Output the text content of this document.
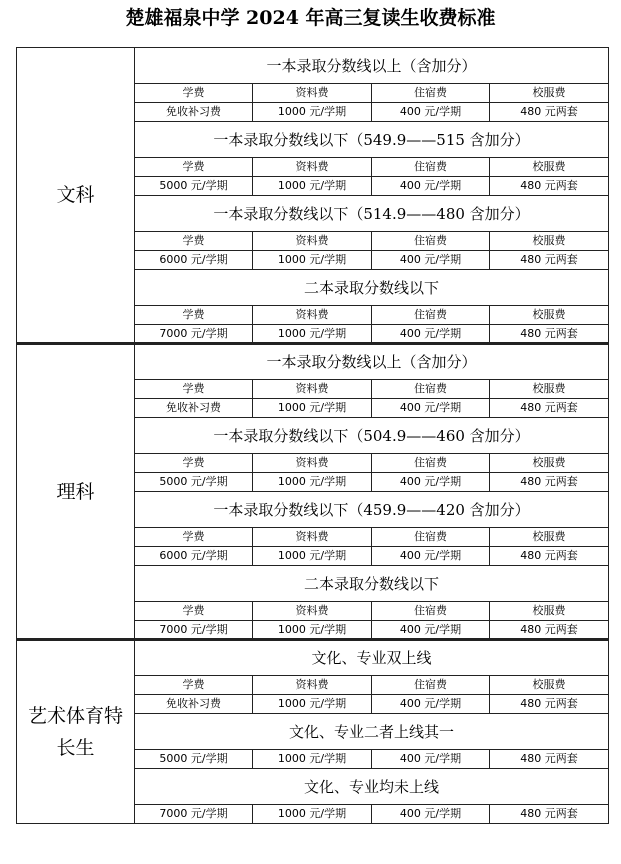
楚雄福泉中学 2024 年高三复读生收费标准
文科	一本录取分数线以上（含加分）			
	学费	资料费	住宿费	校服费
	免收补习费	1000 元/学期	400 元/学期	480 元两套
	一本录取分数线以下（549.9——515 含加分）			
	学费	资料费	住宿费	校服费
	5000 元/学期	1000 元/学期	400 元/学期	480 元两套
	一本录取分数线以下（514.9——480 含加分）			
	学费	资料费	住宿费	校服费
	6000 元/学期	1000 元/学期	400 元/学期	480 元两套
	二本录取分数线以下			
	学费	资料费	住宿费	校服费
	7000 元/学期	1000 元/学期	400 元/学期	480 元两套
理科	一本录取分数线以上（含加分）			
	学费	资料费	住宿费	校服费
	免收补习费	1000 元/学期	400 元/学期	480 元两套
	一本录取分数线以下（504.9——460 含加分）			
	学费	资料费	住宿费	校服费
	5000 元/学期	1000 元/学期	400 元/学期	480 元两套
	一本录取分数线以下（459.9——420 含加分）			
	学费	资料费	住宿费	校服费
	6000 元/学期	1000 元/学期	400 元/学期	480 元两套
	二本录取分数线以下			
	学费	资料费	住宿费	校服费
	7000 元/学期	1000 元/学期	400 元/学期	480 元两套
艺术体育特长生	文化、专业双上线			
	学费	资料费	住宿费	校服费
	免收补习费	1000 元/学期	400 元/学期	480 元两套
	文化、专业二者上线其一			
	5000 元/学期	1000 元/学期	400 元/学期	480 元两套
	文化、专业均未上线			
	7000 元/学期	1000 元/学期	400 元/学期	480 元两套
